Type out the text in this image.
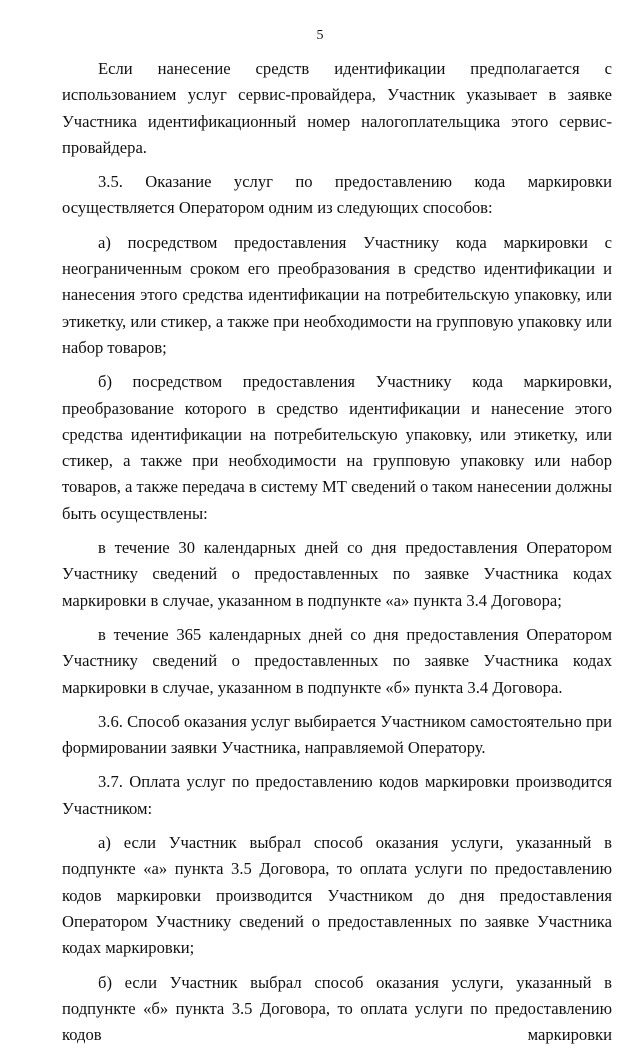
5

Если нанесение средств идентификации предполагается с использованием услуг сервис-провайдера, Участник указывает в заявке Участника идентификационный номер налогоплательщика этого сервис-провайдера.

3.5. Оказание услуг по предоставлению кода маркировки осуществляется Оператором одним из следующих способов:

а) посредством предоставления Участнику кода маркировки с неограниченным сроком его преобразования в средство идентификации и нанесения этого средства идентификации на потребительскую упаковку, или этикетку, или стикер, а также при необходимости на групповую упаковку или набор товаров;

б) посредством предоставления Участнику кода маркировки, преобразование которого в средство идентификации и нанесение этого средства идентификации на потребительскую упаковку, или этикетку, или стикер, а также при необходимости на групповую упаковку или набор товаров, а также передача в систему МТ сведений о таком нанесении должны быть осуществлены:

в течение 30 календарных дней со дня предоставления Оператором Участнику сведений о предоставленных по заявке Участника кодах маркировки в случае, указанном в подпункте «а» пункта 3.4 Договора;

в течение 365 календарных дней со дня предоставления Оператором Участнику сведений о предоставленных по заявке Участника кодах маркировки в случае, указанном в подпункте «б» пункта 3.4 Договора.

3.6. Способ оказания услуг выбирается Участником самостоятельно при формировании заявки Участника, направляемой Оператору.

3.7. Оплата услуг по предоставлению кодов маркировки производится Участником:

а) если Участник выбрал способ оказания услуги, указанный в подпункте «а» пункта 3.5 Договора, то оплата услуги по предоставлению кодов маркировки производится Участником до дня предоставления Оператором Участнику сведений о предоставленных по заявке Участника кодах маркировки;

б) если Участник выбрал способ оказания услуги, указанный в подпункте «б» пункта 3.5 Договора, то оплата услуги по предоставлению кодов маркировки
